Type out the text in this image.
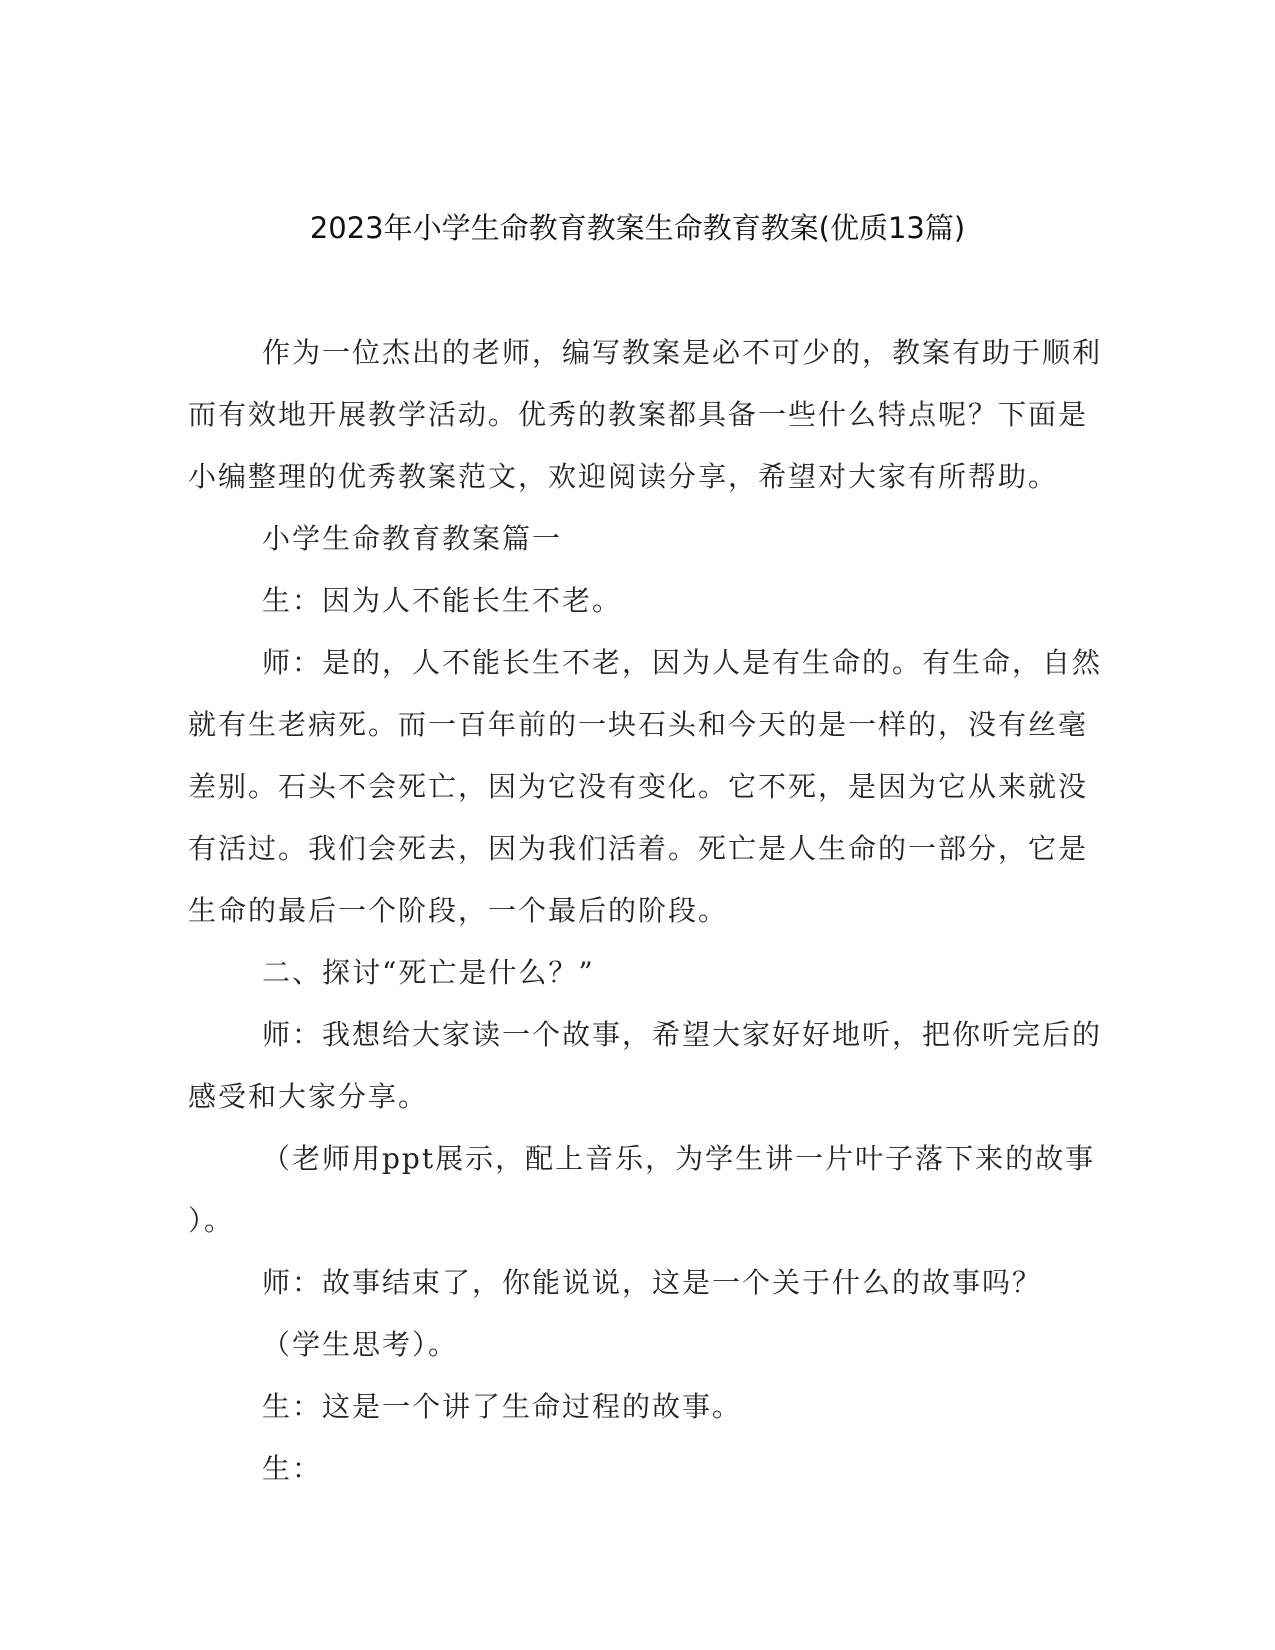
2023年小学生命教育教案生命教育教案(优质13篇)

作为一位杰出的老师，编写教案是必不可少的，教案有助于顺利

而有效地开展教学活动。优秀的教案都具备一些什么特点呢？下面是

小编整理的优秀教案范文，欢迎阅读分享，希望对大家有所帮助。

小学生命教育教案篇一

生：因为人不能长生不老。

师：是的，人不能长生不老，因为人是有生命的。有生命，自然

就有生老病死。而一百年前的一块石头和今天的是一样的，没有丝毫

差别。石头不会死亡，因为它没有变化。它不死，是因为它从来就没

有活过。我们会死去，因为我们活着。死亡是人生命的一部分，它是

生命的最后一个阶段，一个最后的阶段。

二、探讨“死亡是什么？”

师：我想给大家读一个故事，希望大家好好地听，把你听完后的

感受和大家分享。

（老师用ppt展示，配上音乐，为学生讲一片叶子落下来的故事

）。

师：故事结束了，你能说说，这是一个关于什么的故事吗？

（学生思考）。

生：这是一个讲了生命过程的故事。

生：
